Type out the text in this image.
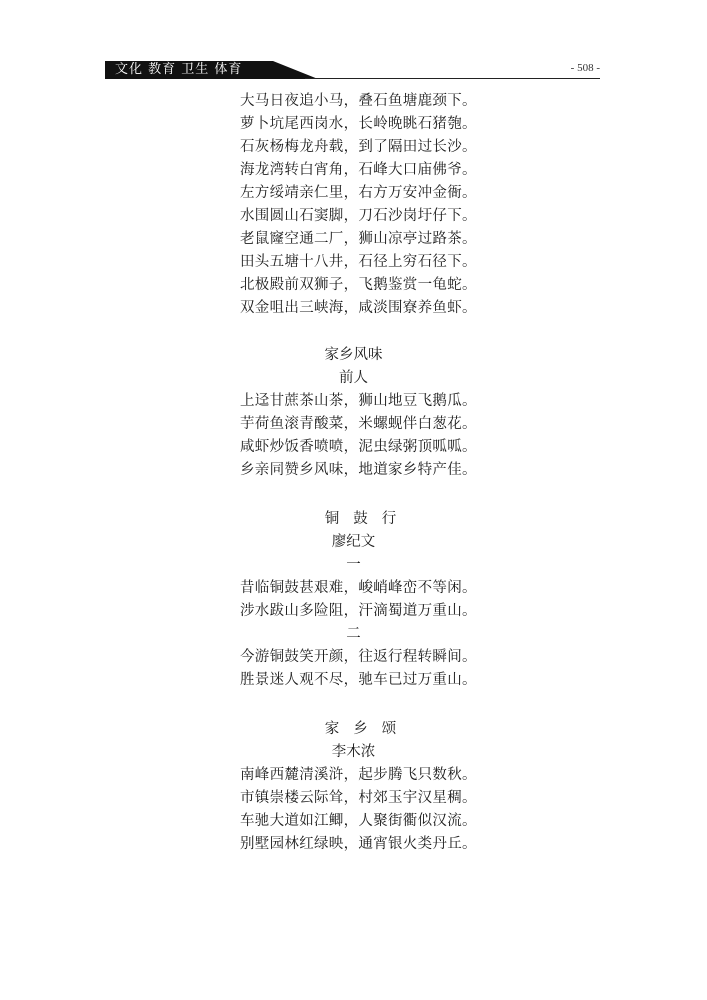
文化 教育 卫生 体育	- 508 -
大马日夜追小马，叠石鱼塘鹿颈下。
萝卜坑尾西岗水，长岭晚眺石猪匏。
石灰杨梅龙舟载，到了隔田过长沙。
海龙湾转白宵角，石峰大口庙佛爷。
左方绥靖亲仁里，右方万安冲金衙。
水围圆山石窦脚，刀石沙岗圩仔下。
老鼠窿空通二厂，狮山凉亭过路茶。
田头五塘十八井，石径上穷石径下。
北极殿前双狮子，飞鹅鉴赏一龟蛇。
双金咀出三峡海，咸淡围寮养鱼虾。
家乡风味
前人
上迳甘蔗茶山茶，狮山地豆飞鹅瓜。
芋荷鱼滚青酸菜，米螺蚬伴白葱花。
咸虾炒饭香喷喷，泥虫绿粥顶呱呱。
乡亲同赞乡风味，地道家乡特产佳。
铜鼓行
廖纪文
一
昔临铜鼓甚艰难，峻峭峰峦不等闲。
涉水跋山多险阻，汗滴蜀道万重山。
二
今游铜鼓笑开颜，往返行程转瞬间。
胜景迷人观不尽，驰车已过万重山。
家乡颂
李木浓
南峰西麓清溪浒，起步腾飞只数秋。
市镇崇楼云际耸，村郊玉宇汉星稠。
车驰大道如江鲫，人聚街衢似汉流。
别墅园林红绿映，通宵银火类丹丘。
